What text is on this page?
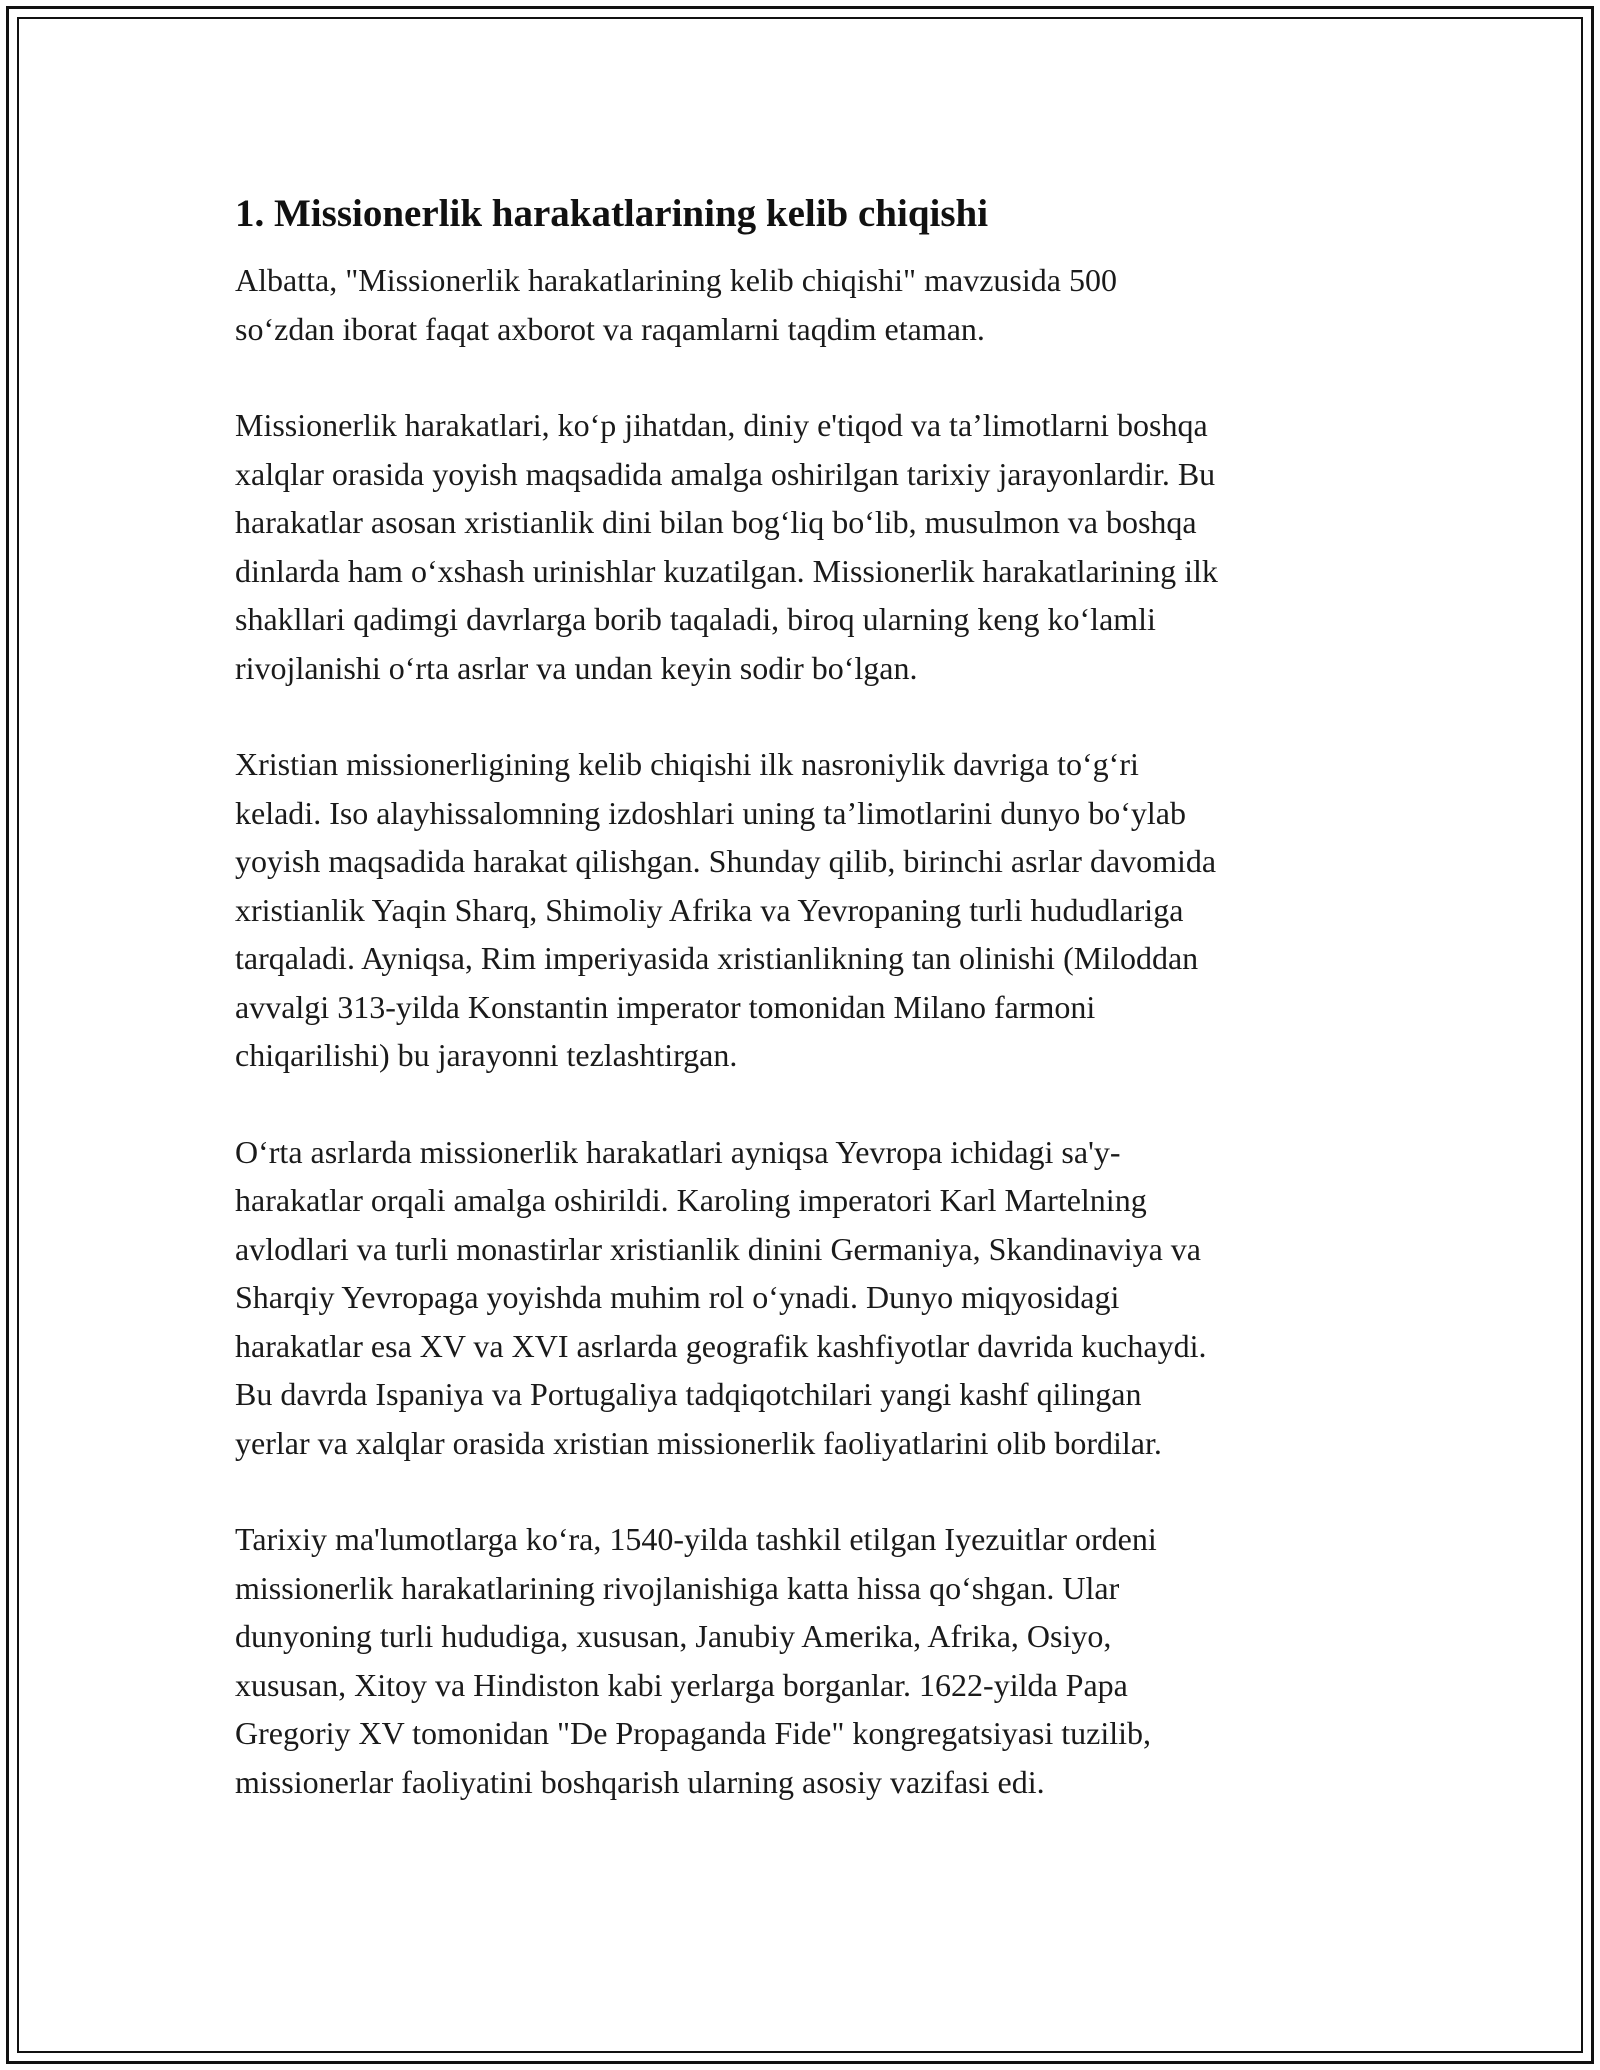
1. Missionerlik harakatlarining kelib chiqishi
Albatta, "Missionerlik harakatlarining kelib chiqishi" mavzusida 500
so‘zdan iborat faqat axborot va raqamlarni taqdim etaman.
Missionerlik harakatlari, ko‘p jihatdan, diniy e'tiqod va ta’limotlarni boshqa
xalqlar orasida yoyish maqsadida amalga oshirilgan tarixiy jarayonlardir. Bu
harakatlar asosan xristianlik dini bilan bog‘liq bo‘lib, musulmon va boshqa
dinlarda ham o‘xshash urinishlar kuzatilgan. Missionerlik harakatlarining ilk
shakllari qadimgi davrlarga borib taqaladi, biroq ularning keng ko‘lamli
rivojlanishi o‘rta asrlar va undan keyin sodir bo‘lgan.
Xristian missionerligining kelib chiqishi ilk nasroniylik davriga to‘g‘ri
keladi. Iso alayhissalomning izdoshlari uning ta’limotlarini dunyo bo‘ylab
yoyish maqsadida harakat qilishgan. Shunday qilib, birinchi asrlar davomida
xristianlik Yaqin Sharq, Shimoliy Afrika va Yevropaning turli hududlariga
tarqaladi. Ayniqsa, Rim imperiyasida xristianlikning tan olinishi (Miloddan
avvalgi 313-yilda Konstantin imperator tomonidan Milano farmoni
chiqarilishi) bu jarayonni tezlashtirgan.
O‘rta asrlarda missionerlik harakatlari ayniqsa Yevropa ichidagi sa'y-
harakatlar orqali amalga oshirildi. Karoling imperatori Karl Martelning
avlodlari va turli monastirlar xristianlik dinini Germaniya, Skandinaviya va
Sharqiy Yevropaga yoyishda muhim rol o‘ynadi. Dunyo miqyosidagi
harakatlar esa XV va XVI asrlarda geografik kashfiyotlar davrida kuchaydi.
Bu davrda Ispaniya va Portugaliya tadqiqotchilari yangi kashf qilingan
yerlar va xalqlar orasida xristian missionerlik faoliyatlarini olib bordilar.
Tarixiy ma'lumotlarga ko‘ra, 1540-yilda tashkil etilgan Iyezuitlar ordeni
missionerlik harakatlarining rivojlanishiga katta hissa qo‘shgan. Ular
dunyoning turli hududiga, xususan, Janubiy Amerika, Afrika, Osiyo,
xususan, Xitoy va Hindiston kabi yerlarga borganlar. 1622-yilda Papa
Gregoriy XV tomonidan "De Propaganda Fide" kongregatsiyasi tuzilib,
missionerlar faoliyatini boshqarish ularning asosiy vazifasi edi.
